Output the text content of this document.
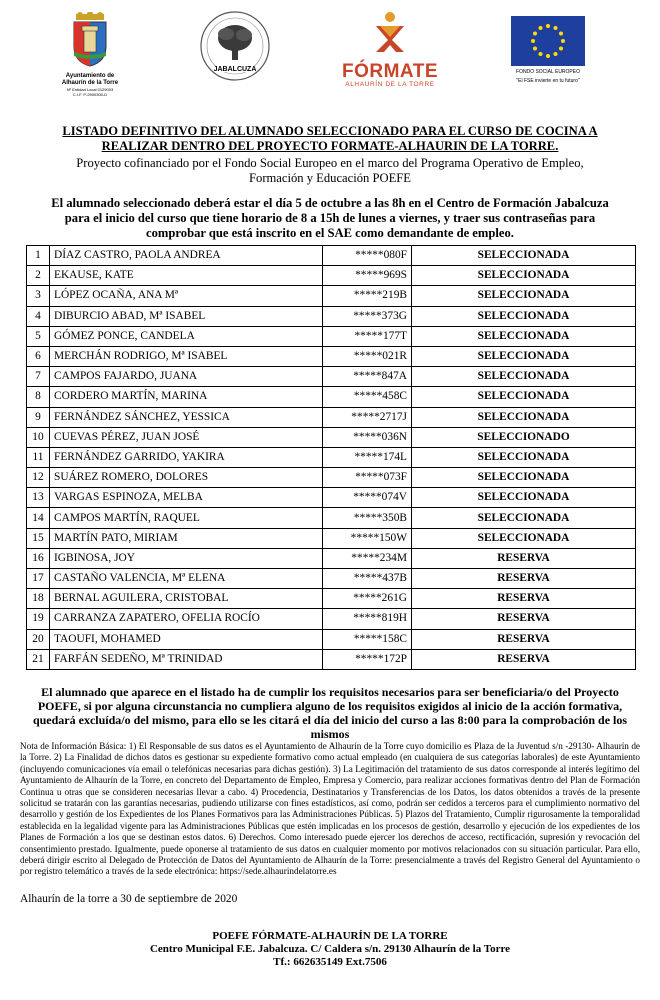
Ayuntamiento de
Alhaurín de la Torre
Nº Entidad Local 0129003
C.I.F. P-2900300-D
JABALCUZA	FÓRMATE
ALHAURÍN DE LA TORRE
FONDO SOCIAL EUROPEO
"El FSE invierte en tu futuro"
LISTADO DEFINITIVO DEL ALUMNADO SELECCIONADO PARA EL CURSO DE COCINA A
REALIZAR DENTRO DEL PROYECTO FORMATE-ALHAURIN DE LA TORRE.
Proyecto cofinanciado por el Fondo Social Europeo en el marco del Programa Operativo de Empleo,
Formación y Educación POEFE
El alumnado seleccionado deberá estar el día 5 de octubre a las 8h en el Centro de Formación Jabalcuza
para el inicio del curso que tiene horario de 8 a 15h de lunes a viernes, y traer sus contraseñas para
comprobar que está inscrito en el SAE como demandante de empleo.
1	DÍAZ CASTRO, PAOLA ANDREA	*****080F	SELECCIONADA
2	EKAUSE, KATE	*****969S	SELECCIONADA
3	LÓPEZ OCAÑA, ANA Mª	*****219B	SELECCIONADA
4	DIBURCIO ABAD, Mª ISABEL	*****373G	SELECCIONADA
5	GÓMEZ PONCE, CANDELA	*****177T	SELECCIONADA
6	MERCHÁN RODRIGO, Mª ISABEL	*****021R	SELECCIONADA
7	CAMPOS FAJARDO, JUANA	*****847A	SELECCIONADA
8	CORDERO MARTÍN, MARINA	*****458C	SELECCIONADA
9	FERNÁNDEZ SÁNCHEZ, YESSICA	*****2717J	SELECCIONADA
10	CUEVAS PÉREZ, JUAN JOSÉ	*****036N	SELECCIONADO
11	FERNÁNDEZ GARRIDO, YAKIRA	*****174L	SELECCIONADA
12	SUÁREZ ROMERO, DOLORES	*****073F	SELECCIONADA
13	VARGAS ESPINOZA, MELBA	*****074V	SELECCIONADA
14	CAMPOS MARTÍN, RAQUEL	*****350B	SELECCIONADA
15	MARTÍN PATO, MIRIAM	*****150W	SELECCIONADA
16	IGBINOSA, JOY	*****234M	RESERVA
17	CASTAÑO VALENCIA, Mª ELENA	*****437B	RESERVA
18	BERNAL AGUILERA, CRISTOBAL	*****261G	RESERVA
19	CARRANZA ZAPATERO, OFELIA ROCÍO	*****819H	RESERVA
20	TAOUFI, MOHAMED	*****158C	RESERVA
21	FARFÁN SEDEÑO, Mª TRINIDAD	*****172P	RESERVA
El alumnado que aparece en el listado ha de cumplir los requisitos necesarios para ser beneficiaria/o del Proyecto POEFE, si por alguna circunstancia no cumpliera alguno de los requisitos exigidos al inicio de la acción formativa, quedará excluída/o del mismo, para ello se les citará el día del inicio del curso a las 8:00 para la comprobación de los mismos
Nota de Información Básica: 1) El Responsable de sus datos es el Ayuntamiento de Alhaurín de la Torre cuyo domicilio es Plaza de la Juventud s/n -29130- Alhaurín de la Torre. 2) La Finalidad de dichos datos es gestionar su expediente formativo como actual empleado (en cualquiera de sus categorías laborales) de este Ayuntamiento (incluyendo comunicaciones vía email o telefónicas necesarias para dichas gestión). 3) La Legitimación del tratamiento de sus datos corresponde al interés legítimo del Ayuntamiento de Alhaurín de la Torre, en concreto del Departamento de Empleo, Empresa y Comercio, para realizar acciones formativas dentro del Plan de Formación Continua u otras que se consideren necesarias llevar a cabo. 4) Procedencia, Destinatarios y Transferencias de los Datos, los datos obtenidos a través de la presente solicitud se tratarán con las garantías necesarias, pudiendo utilizarse con fines estadísticos, así como, podrán ser cedidos a terceros para el cumplimiento normativo del desarrollo y gestión de los Expedientes de los Planes Formativos para las Administraciones Públicas. 5) Plazos del Tratamiento, Cumplir rigurosamente la temporalidad establecida en la legalidad vigente para las Administraciones Públicas que estén implicadas en los procesos de gestión, desarrollo y ejecución de los expedientes de los Planes de Formación a los que se destinan estos datos. 6) Derechos. Como interesado puede ejercer los derechos de acceso, rectificación, supresión y revocación del consentimiento prestado. Igualmente, puede oponerse al tratamiento de sus datos en cualquier momento por motivos relacionados con su situación particular. Para ello, deberá dirigir escrito al Delegado de Protección de Datos del Ayuntamiento de Alhaurín de la Torre: presencialmente a través del Registro General del Ayuntamiento o por registro telemático a través de la sede electrónica: https://sede.alhaurindelatorre.es
Alhaurín de la torre a 30 de septiembre de 2020
POEFE FÓRMATE-ALHAURÍN DE LA TORRE
Centro Municipal F.E. Jabalcuza. C/ Caldera s/n. 29130 Alhaurín de la Torre
Tf.: 662635149 Ext.7506
